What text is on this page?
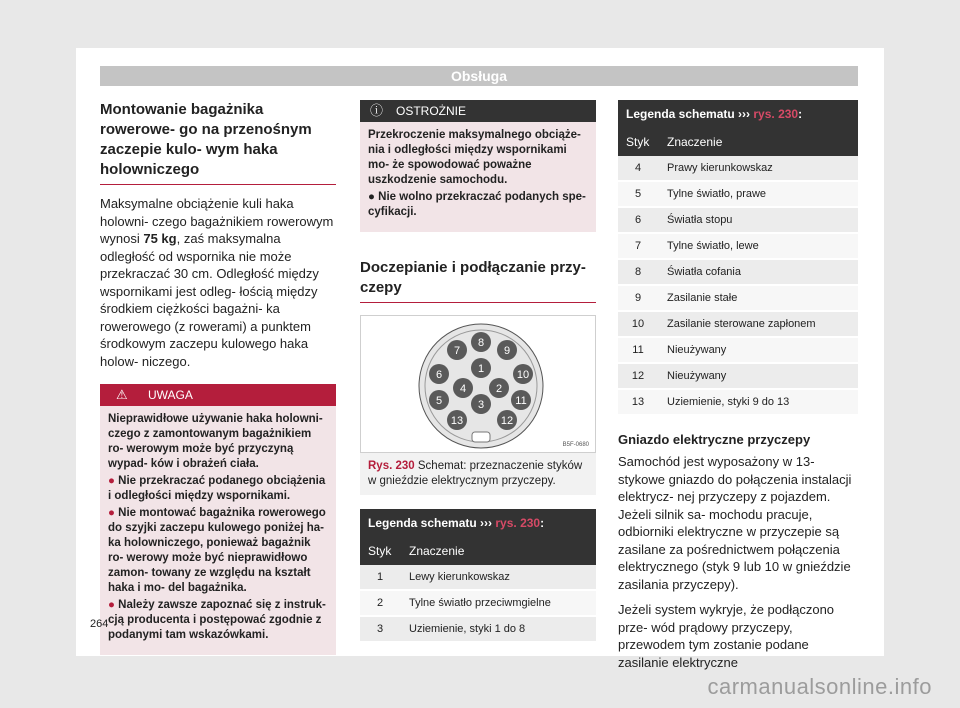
Obsługa
Montowanie bagażnika rowerowe- go na przenośnym zaczepie kulo- wym haka holowniczego

Maksymalne obciążenie kuli haka holowni- czego bagażnikiem rowerowym wynosi 75 kg, zaś maksymalna odległość od wspornika nie może przekraczać 30 cm. Odległość między wspornikami jest odleg- łością między środkiem ciężkości bagażni- ka rowerowego (z rowerami) a punktem środkowym zaczepu kulowego haka holow- niczego.

⚠ UWAGA

Nieprawidłowe używanie haka holowni- czego z zamontowanym bagażnikiem ro- werowym może być przyczyną wypad- ków i obrażeń ciała.

● Nie przekraczać podanego obciążenia i odległości między wspornikami.

● Nie montować bagażnika rowerowego do szyjki zaczepu kulowego poniżej ha- ka holowniczego, ponieważ bagażnik ro- werowy może być nieprawidłowo zamon- towany ze względu na kształt haka i mo- del bagażnika.

● Należy zawsze zapoznać się z instruk- cją producenta i postępować zgodnie z podanymi tam wskazówkami.

ⓘ OSTROŻNIE

Przekroczenie maksymalnego obciąże- nia i odległości między wspornikami mo- że spowodować poważne uszkodzenie samochodu.

● Nie wolno przekraczać podanych spe- cyfikacji.

Doczepianie i podłączanie przy- czepy
1
2
3
4
5
6
7
8
9
10
11
12
13
B5F-0680
Rys. 230 Schemat: przeznaczenie styków w gnieździe elektrycznym przyczepy.
Legenda schematu ››› rys. 230:	
Styk	Znaczenie
1	Lewy kierunkowskaz
2	Tylne światło przeciwmgielne
3	Uziemienie, styki 1 do 8
Legenda schematu ››› rys. 230:	
Styk	Znaczenie
4	Prawy kierunkowskaz
5	Tylne światło, prawe
6	Światła stopu
7	Tylne światło, lewe
8	Światła cofania
9	Zasilanie stałe
10	Zasilanie sterowane zapłonem
11	Nieużywany
12	Nieużywany
13	Uziemienie, styki 9 do 13
Gniazdo elektryczne przyczepy

Samochód jest wyposażony w 13-stykowe gniazdo do połączenia instalacji elektrycz- nej przyczepy z pojazdem. Jeżeli silnik sa- mochodu pracuje, odbiorniki elektryczne w przyczepie są zasilane za pośrednictwem połączenia elektrycznego (styk 9 lub 10 w gnieździe zasilania przyczepy).

Jeżeli system wykryje, że podłączono prze- wód prądowy przyczepy, przewodem tym zostanie podane zasilanie elektryczne

264
carmanualsonline.info
